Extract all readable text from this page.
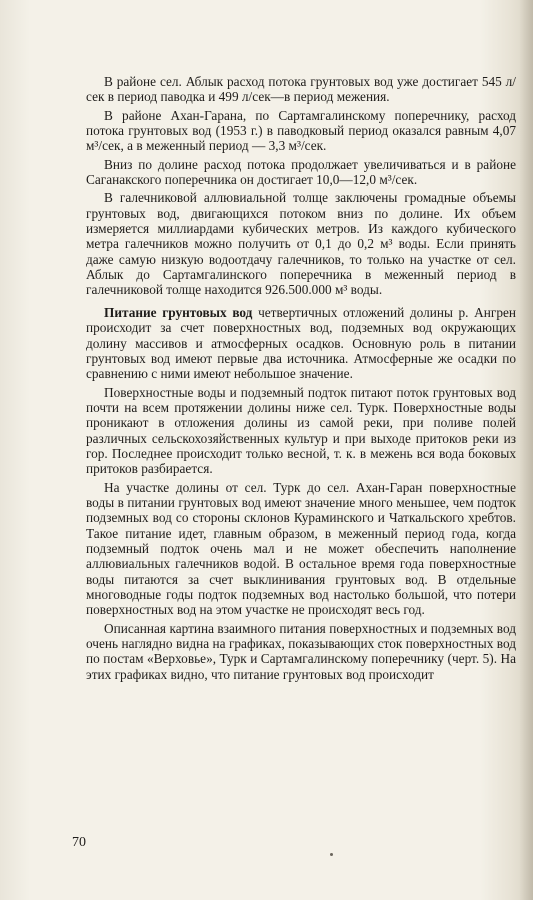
В районе сел. Аблык расход потока грунтовых вод уже достигает 545 л/сек в период паводка и 499 л/сек—в период межения.

В районе Ахан-Гарана, по Сартамгалинскому поперечнику, расход потока грунтовых вод (1953 г.) в паводковый период оказался равным 4,07 м³/сек, а в меженный период — 3,3 м³/сек.

Вниз по долине расход потока продолжает увеличиваться и в районе Саганакского поперечника он достигает 10,0—12,0 м³/сек.

В галечниковой аллювиальной толще заключены громадные объемы грунтовых вод, двигающихся потоком вниз по долине. Их объем измеряется миллиардами кубических метров. Из каждого кубического метра галечников можно получить от 0,1 до 0,2 м³ воды. Если принять даже самую низкую водоотдачу галечников, то только на участке от сел. Аблык до Сартамгалинского поперечника в меженный период в галечниковой толще находится 926.500.000 м³ воды.

Питание грунтовых вод четвертичных отложений долины р. Ангрен происходит за счет поверхностных вод, подземных вод окружающих долину массивов и атмосферных осадков. Основную роль в питании грунтовых вод имеют первые два источника. Атмосферные же осадки по сравнению с ними имеют небольшое значение.

Поверхностные воды и подземный подток питают поток грунтовых вод почти на всем протяжении долины ниже сел. Турк. Поверхностные воды проникают в отложения долины из самой реки, при поливе полей различных сельскохозяйственных культур и при выходе притоков реки из гор. Последнее происходит только весной, т. к. в межень вся вода боковых притоков разбирается.

На участке долины от сел. Турк до сел. Ахан-Гаран поверхностные воды в питании грунтовых вод имеют значение много меньшее, чем подток подземных вод со стороны склонов Кураминского и Чаткальского хребтов. Такое питание идет, главным образом, в меженный период года, когда подземный подток очень мал и не может обеспечить наполнение аллювиальных галечников водой. В остальное время года поверхностные воды питаются за счет выклинивания грунтовых вод. В отдельные многоводные годы подток подземных вод настолько большой, что потери поверхностных вод на этом участке не происходят весь год.

Описанная картина взаимного питания поверхностных и подземных вод очень наглядно видна на графиках, показывающих сток поверхностных вод по постам «Верховье», Турк и Сартамгалинскому поперечнику (черт. 5). На этих графиках видно, что питание грунтовых вод происходит

70
